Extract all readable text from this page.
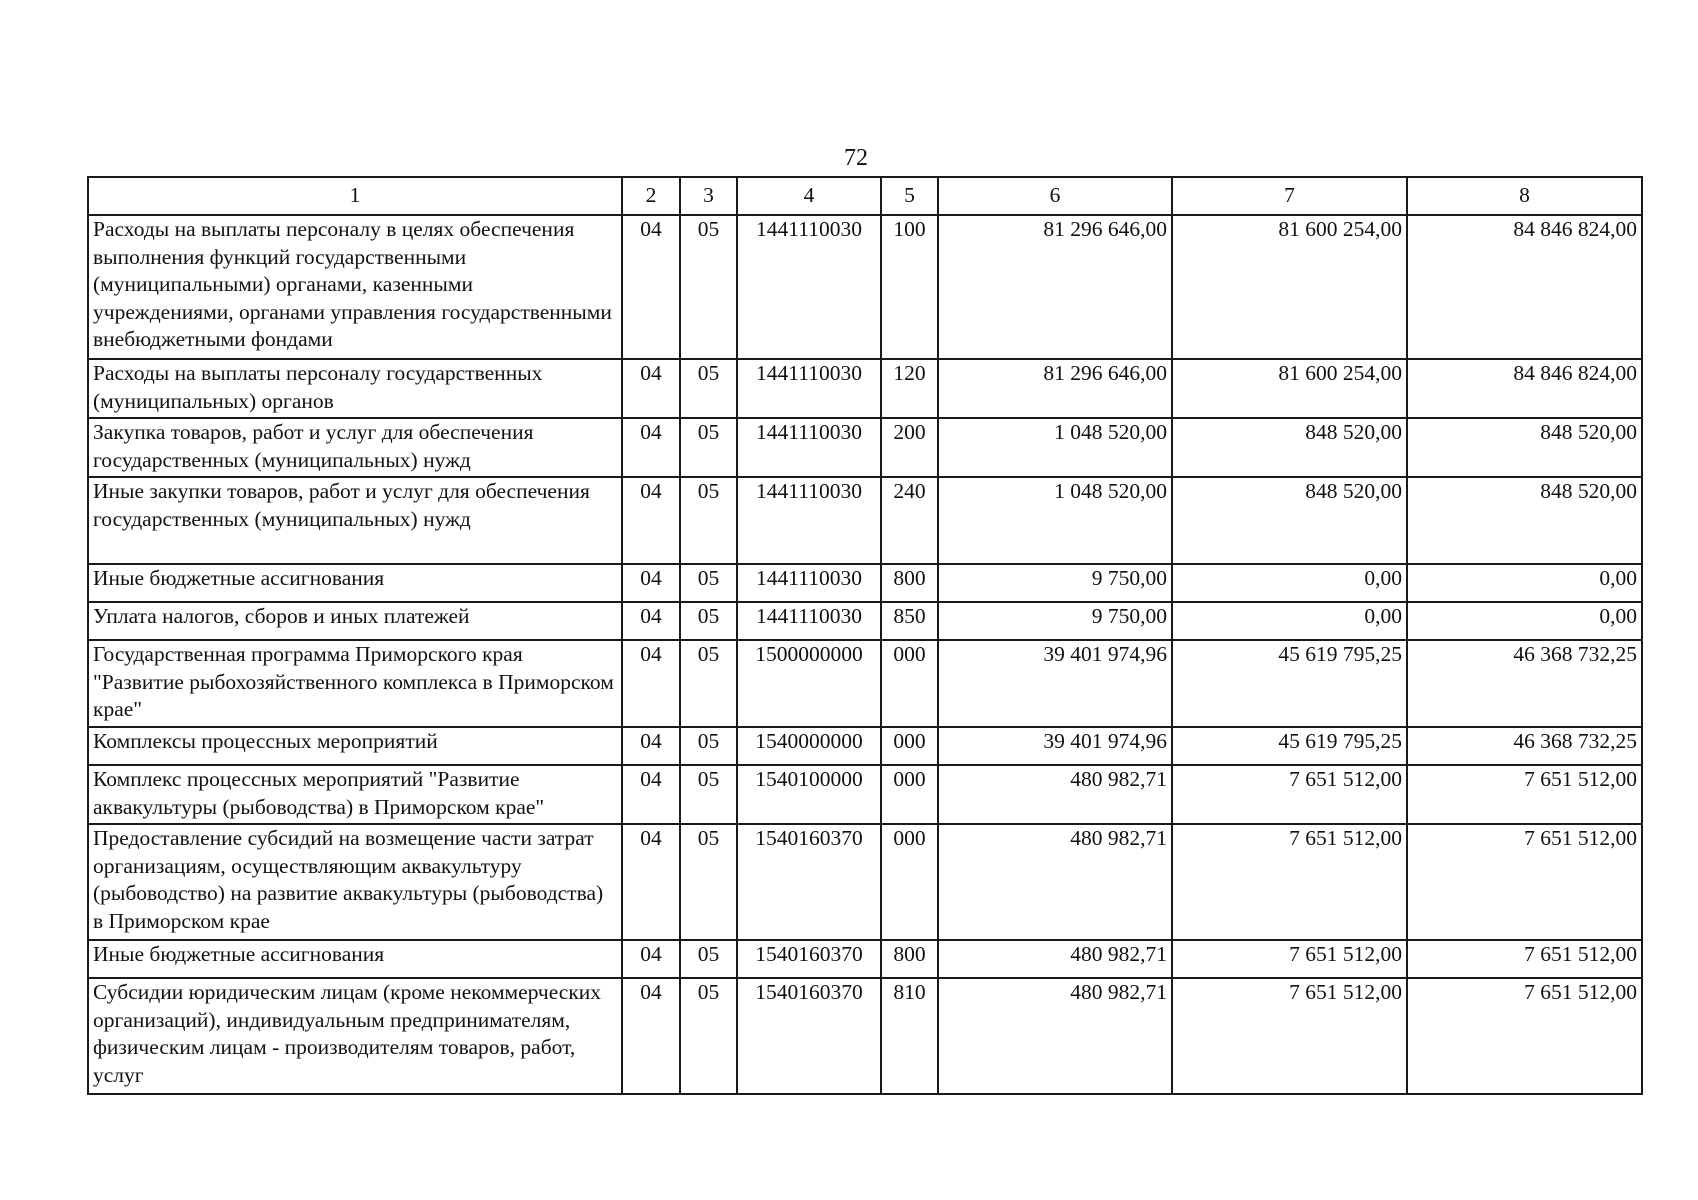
72
1	2	3	4	5	6	7	8
Расходы на выплаты персоналу в целях обеспечения выполнения функций государственными (муниципальными) органами, казенными учреждениями, органами управления государственными внебюджетными фондами	04	05	1441110030	100	81 296 646,00	81 600 254,00	84 846 824,00
Расходы на выплаты персоналу государственных (муниципальных) органов	04	05	1441110030	120	81 296 646,00	81 600 254,00	84 846 824,00
Закупка товаров, работ и услуг для обеспечения государственных (муниципальных) нужд	04	05	1441110030	200	1 048 520,00	848 520,00	848 520,00
Иные закупки товаров, работ и услуг для обеспечения государственных (муниципальных) нужд	04	05	1441110030	240	1 048 520,00	848 520,00	848 520,00
Иные бюджетные ассигнования	04	05	1441110030	800	9 750,00	0,00	0,00
Уплата налогов, сборов и иных платежей	04	05	1441110030	850	9 750,00	0,00	0,00
Государственная программа Приморского края "Развитие рыбохозяйственного комплекса в Приморском крае"	04	05	1500000000	000	39 401 974,96	45 619 795,25	46 368 732,25
Комплексы процессных мероприятий	04	05	1540000000	000	39 401 974,96	45 619 795,25	46 368 732,25
Комплекс процессных мероприятий "Развитие аквакультуры (рыбоводства) в Приморском крае"	04	05	1540100000	000	480 982,71	7 651 512,00	7 651 512,00
Предоставление субсидий на возмещение части затрат организациям, осуществляющим аквакультуру (рыбоводство) на развитие аквакультуры (рыбоводства) в Приморском крае	04	05	1540160370	000	480 982,71	7 651 512,00	7 651 512,00
Иные бюджетные ассигнования	04	05	1540160370	800	480 982,71	7 651 512,00	7 651 512,00
Субсидии юридическим лицам (кроме некоммерческих организаций), индивидуальным предпринимателям, физическим лицам - производителям товаров, работ, услуг	04	05	1540160370	810	480 982,71	7 651 512,00	7 651 512,00
